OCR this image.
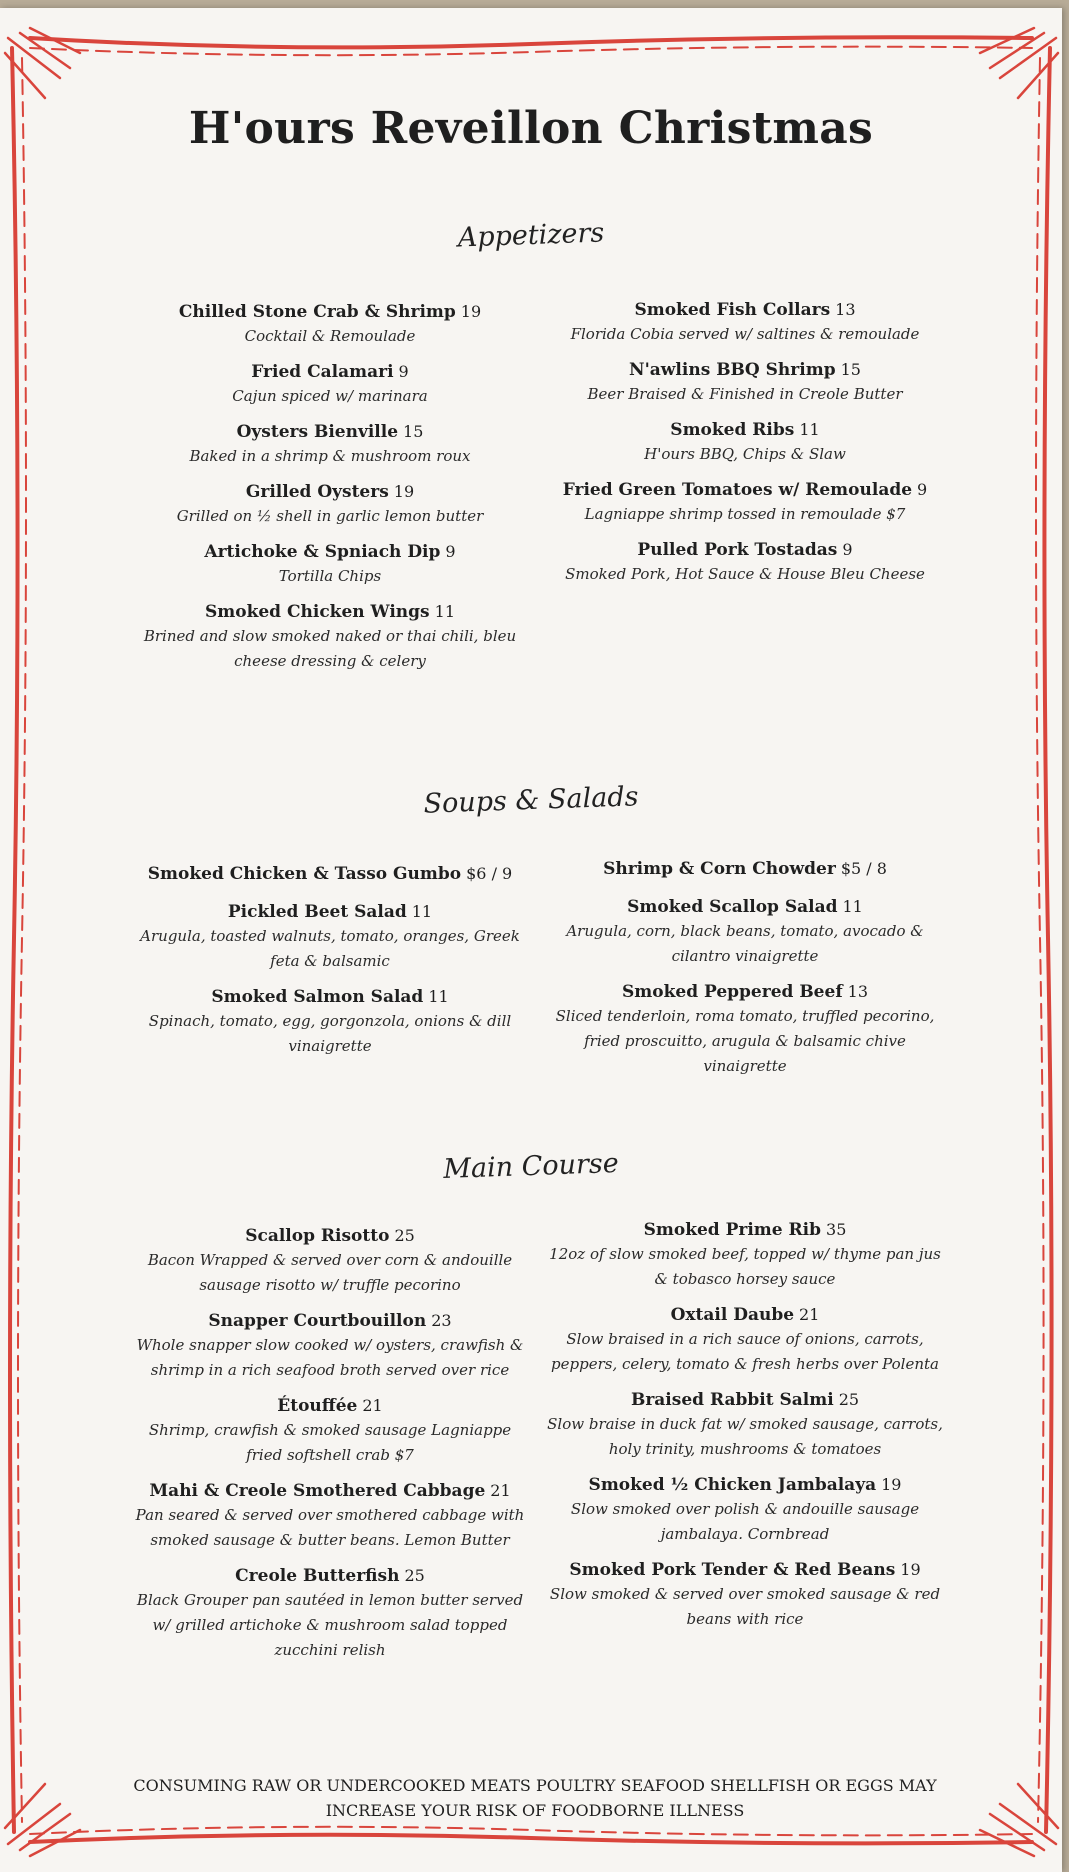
H'ours Reveillon Christmas
Appetizers
Chilled Stone Crab & Shrimp 19
Cocktail & Remoulade
Fried Calamari 9
Cajun spiced w/ marinara
Oysters Bienville 15
Baked in a shrimp & mushroom roux
Grilled Oysters 19
Grilled on ½ shell in garlic lemon butter
Artichoke & Spniach Dip 9
Tortilla Chips
Smoked Chicken Wings 11
Brined and slow smoked naked or thai chili, bleu cheese dressing & celery
Smoked Fish Collars 13
Florida Cobia served w/ saltines & remoulade
N'awlins BBQ Shrimp 15
Beer Braised & Finished in Creole Butter
Smoked Ribs 11
H'ours BBQ, Chips & Slaw
Fried Green Tomatoes w/ Remoulade 9
Lagniappe shrimp tossed in remoulade $7
Pulled Pork Tostadas 9
Smoked Pork, Hot Sauce & House Bleu Cheese
Soups & Salads
Smoked Chicken & Tasso Gumbo $6 / 9
Pickled Beet Salad 11
Arugula, toasted walnuts, tomato, oranges, Greek feta & balsamic
Smoked Salmon Salad 11
Spinach, tomato, egg, gorgonzola, onions & dill vinaigrette
Shrimp & Corn Chowder $5 / 8
Smoked Scallop Salad 11
Arugula, corn, black beans, tomato, avocado & cilantro vinaigrette
Smoked Peppered Beef 13
Sliced tenderloin, roma tomato, truffled pecorino, fried proscuitto, arugula & balsamic chive vinaigrette
Main Course
Scallop Risotto 25
Bacon Wrapped & served over corn & andouille sausage risotto w/ truffle pecorino
Snapper Courtbouillon 23
Whole snapper slow cooked w/ oysters, crawfish & shrimp in a rich seafood broth served over rice
Étouffée 21
Shrimp, crawfish & smoked sausage Lagniappe fried softshell crab $7
Mahi & Creole Smothered Cabbage 21
Pan seared & served over smothered cabbage with smoked sausage & butter beans. Lemon Butter
Creole Butterfish 25
Black Grouper pan sautéed in lemon butter served w/ grilled artichoke & mushroom salad topped zucchini relish
Smoked Prime Rib 35
12oz of slow smoked beef, topped w/ thyme pan jus & tobasco horsey sauce
Oxtail Daube 21
Slow braised in a rich sauce of onions, carrots, peppers, celery, tomato & fresh herbs over Polenta
Braised Rabbit Salmi 25
Slow braise in duck fat w/ smoked sausage, carrots, holy trinity, mushrooms & tomatoes
Smoked ½ Chicken Jambalaya 19
Slow smoked over polish & andouille sausage jambalaya. Cornbread
Smoked Pork Tender & Red Beans 19
Slow smoked & served over smoked sausage & red beans with rice
CONSUMING RAW OR UNDERCOOKED MEATS POULTRY SEAFOOD SHELLFISH OR EGGS MAY INCREASE YOUR RISK OF FOODBORNE ILLNESS
